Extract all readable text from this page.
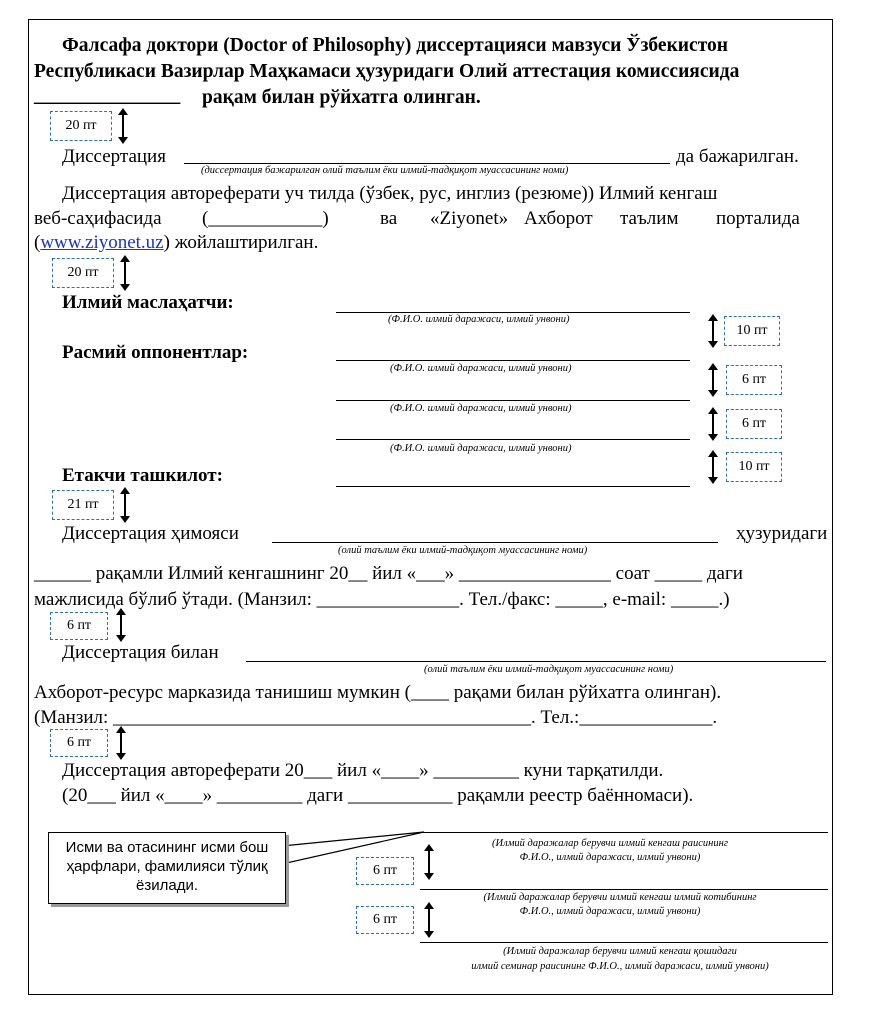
Фалсафа доктори (Doctor of Philosophy) диссертацияси мавзуси Ўзбекистон
Республикаси Вазирлар Маҳкамаси ҳузуридаги Олий аттестация комиссиясида
_______________ рақам билан рўйхатга олинган.
20 пт
Диссертация	да бажарилган.
(диссертация бажарилган олий таълим ёки илмий-тадқиқот муассасининг номи)
Диссертация автореферати уч тилда (ўзбек, рус, инглиз (резюме)) Илмий кенгаш
веб-саҳифасида (____________)	ва «Ziyonet» Ахборот таълим порталида
(www.ziyonet.uz) жойлаштирилган.
20 пт
Илмий маслаҳатчи:
(Ф.И.О. илмий даражаси, илмий унвони)
10 пт
Расмий оппонентлар:
(Ф.И.О. илмий даражаси, илмий унвони)
6 пт
(Ф.И.О. илмий даражаси, илмий унвони)
6 пт
(Ф.И.О. илмий даражаси, илмий унвони)
10 пт
Етакчи ташкилот:
21 пт
Диссертация ҳимояси	ҳузуридаги
(олий таълим ёки илмий-тадқиқот муассасининг номи)
______ рақамли Илмий кенгашнинг 20__ йил «___» ________________ соат _____ даги
мажлисида бўлиб ўтади. (Манзил: _______________. Тел./факс: _____, e-mail: _____.)
6 пт
Диссертация билан
(олий таълим ёки илмий-тадқиқот муассасининг номи)
Ахборот-ресурс марказида танишиш мумкин (____ рақами билан рўйхатга олинган).
(Манзил: ____________________________________________. Тел.:______________.
6 пт
Диссертация автореферати 20___ йил «____» _________ куни тарқатилди.
(20___ йил «____» _________ даги ___________ рақамли реестр баённомаси).
Исми ва отасининг исми бош
ҳарфлари, фамилияси тўлиқ
ёзилади.
(Илмий даражалар берувчи илмий кенгаш раисининг
Ф.И.О., илмий даражаси, илмий унвони)
6 пт
(Илмий даражалар берувчи илмий кенгаш илмий котибининг
Ф.И.О., илмий даражаси, илмий унвони)
6 пт
(Илмий даражалар берувчи илмий кенгаш қошидаги
илмий семинар раисининг Ф.И.О., илмий даражаси, илмий унвони)
